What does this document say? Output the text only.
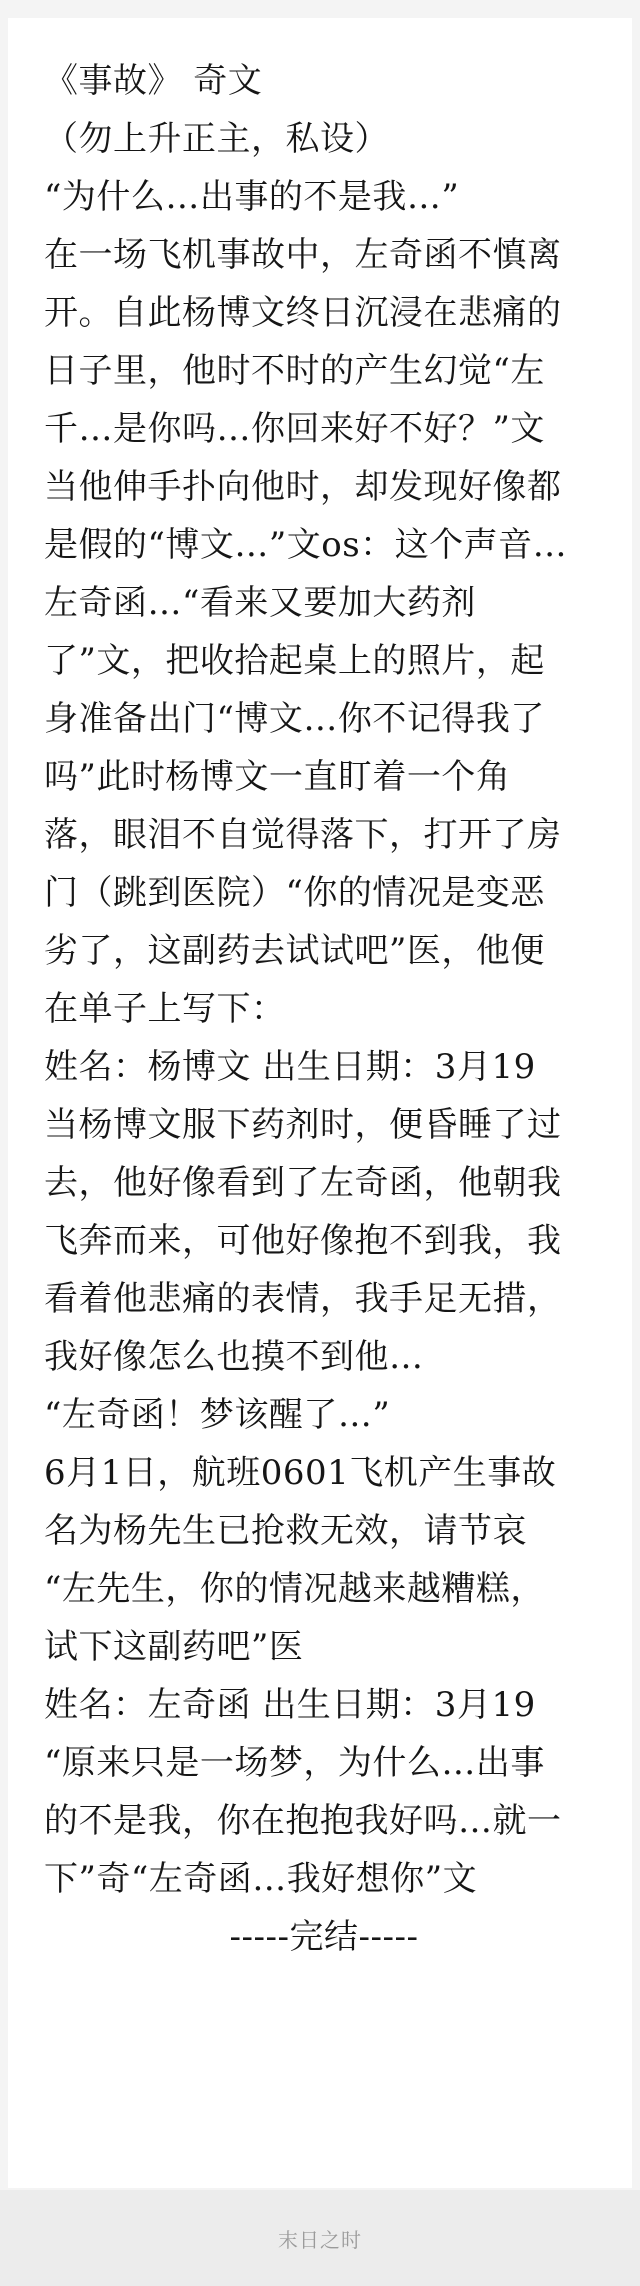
《事故》 奇文
（勿上升正主，私设）
“为什么…出事的不是我…”
在一场飞机事故中，左奇函不慎离
开。自此杨博文终日沉浸在悲痛的
日子里，他时不时的产生幻觉“左
千…是你吗…你回来好不好？”文
当他伸手扑向他时，却发现好像都
是假的“博文…”文os：这个声音…
左奇函…“看来又要加大药剂
了”文，把收拾起桌上的照片，起
身准备出门“博文…你不记得我了
吗”此时杨博文一直盯着一个角
落，眼泪不自觉得落下，打开了房
门（跳到医院）“你的情况是变恶
劣了，这副药去试试吧”医，他便
在单子上写下：
姓名：杨博文 出生日期：3月19
当杨博文服下药剂时，便昏睡了过
去，他好像看到了左奇函，他朝我
飞奔而来，可他好像抱不到我，我
看着他悲痛的表情，我手足无措，
我好像怎么也摸不到他…
“左奇函！梦该醒了…”
6月1日，航班0601飞机产生事故
名为杨先生已抢救无效，请节哀
“左先生，你的情况越来越糟糕，
试下这副药吧”医
姓名：左奇函 出生日期：3月19
“原来只是一场梦，为什么…出事
的不是我，你在抱抱我好吗…就一
下”奇“左奇函…我好想你”文
-----完结-----
末日之时
